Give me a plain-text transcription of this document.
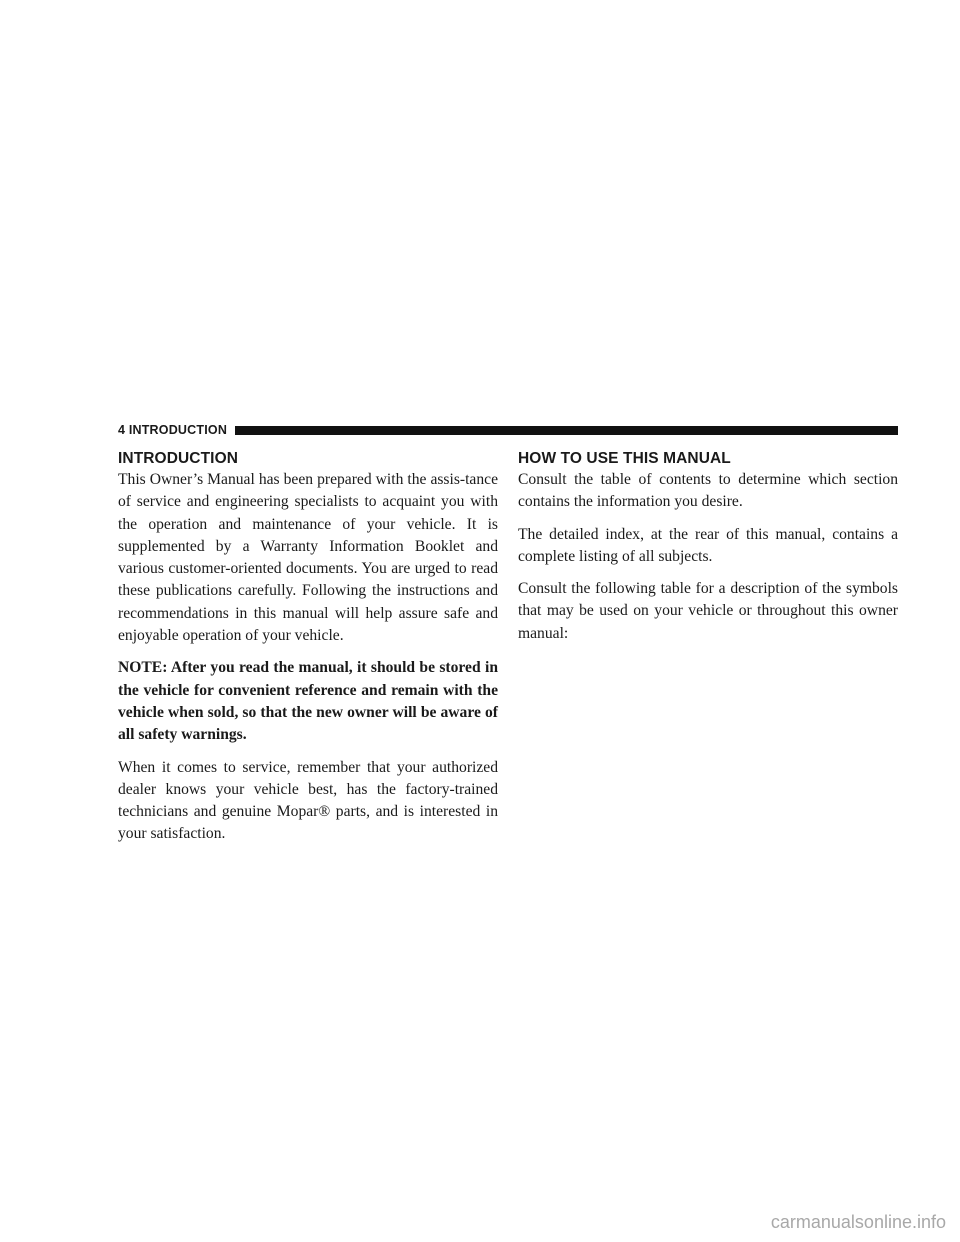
4 INTRODUCTION
INTRODUCTION

This Owner’s Manual has been prepared with the assis-tance of service and engineering specialists to acquaint you with the operation and maintenance of your vehicle. It is supplemented by a Warranty Information Booklet and various customer-oriented documents. You are urged to read these publications carefully. Following the instructions and recommendations in this manual will help assure safe and enjoyable operation of your vehicle.

NOTE: After you read the manual, it should be stored in the vehicle for convenient reference and remain with the vehicle when sold, so that the new owner will be aware of all safety warnings.

When it comes to service, remember that your authorized dealer knows your vehicle best, has the factory-trained technicians and genuine Mopar® parts, and is interested in your satisfaction.

HOW TO USE THIS MANUAL

Consult the table of contents to determine which section contains the information you desire.

The detailed index, at the rear of this manual, contains a complete listing of all subjects.

Consult the following table for a description of the symbols that may be used on your vehicle or throughout this owner manual:

carmanualsonline.info
